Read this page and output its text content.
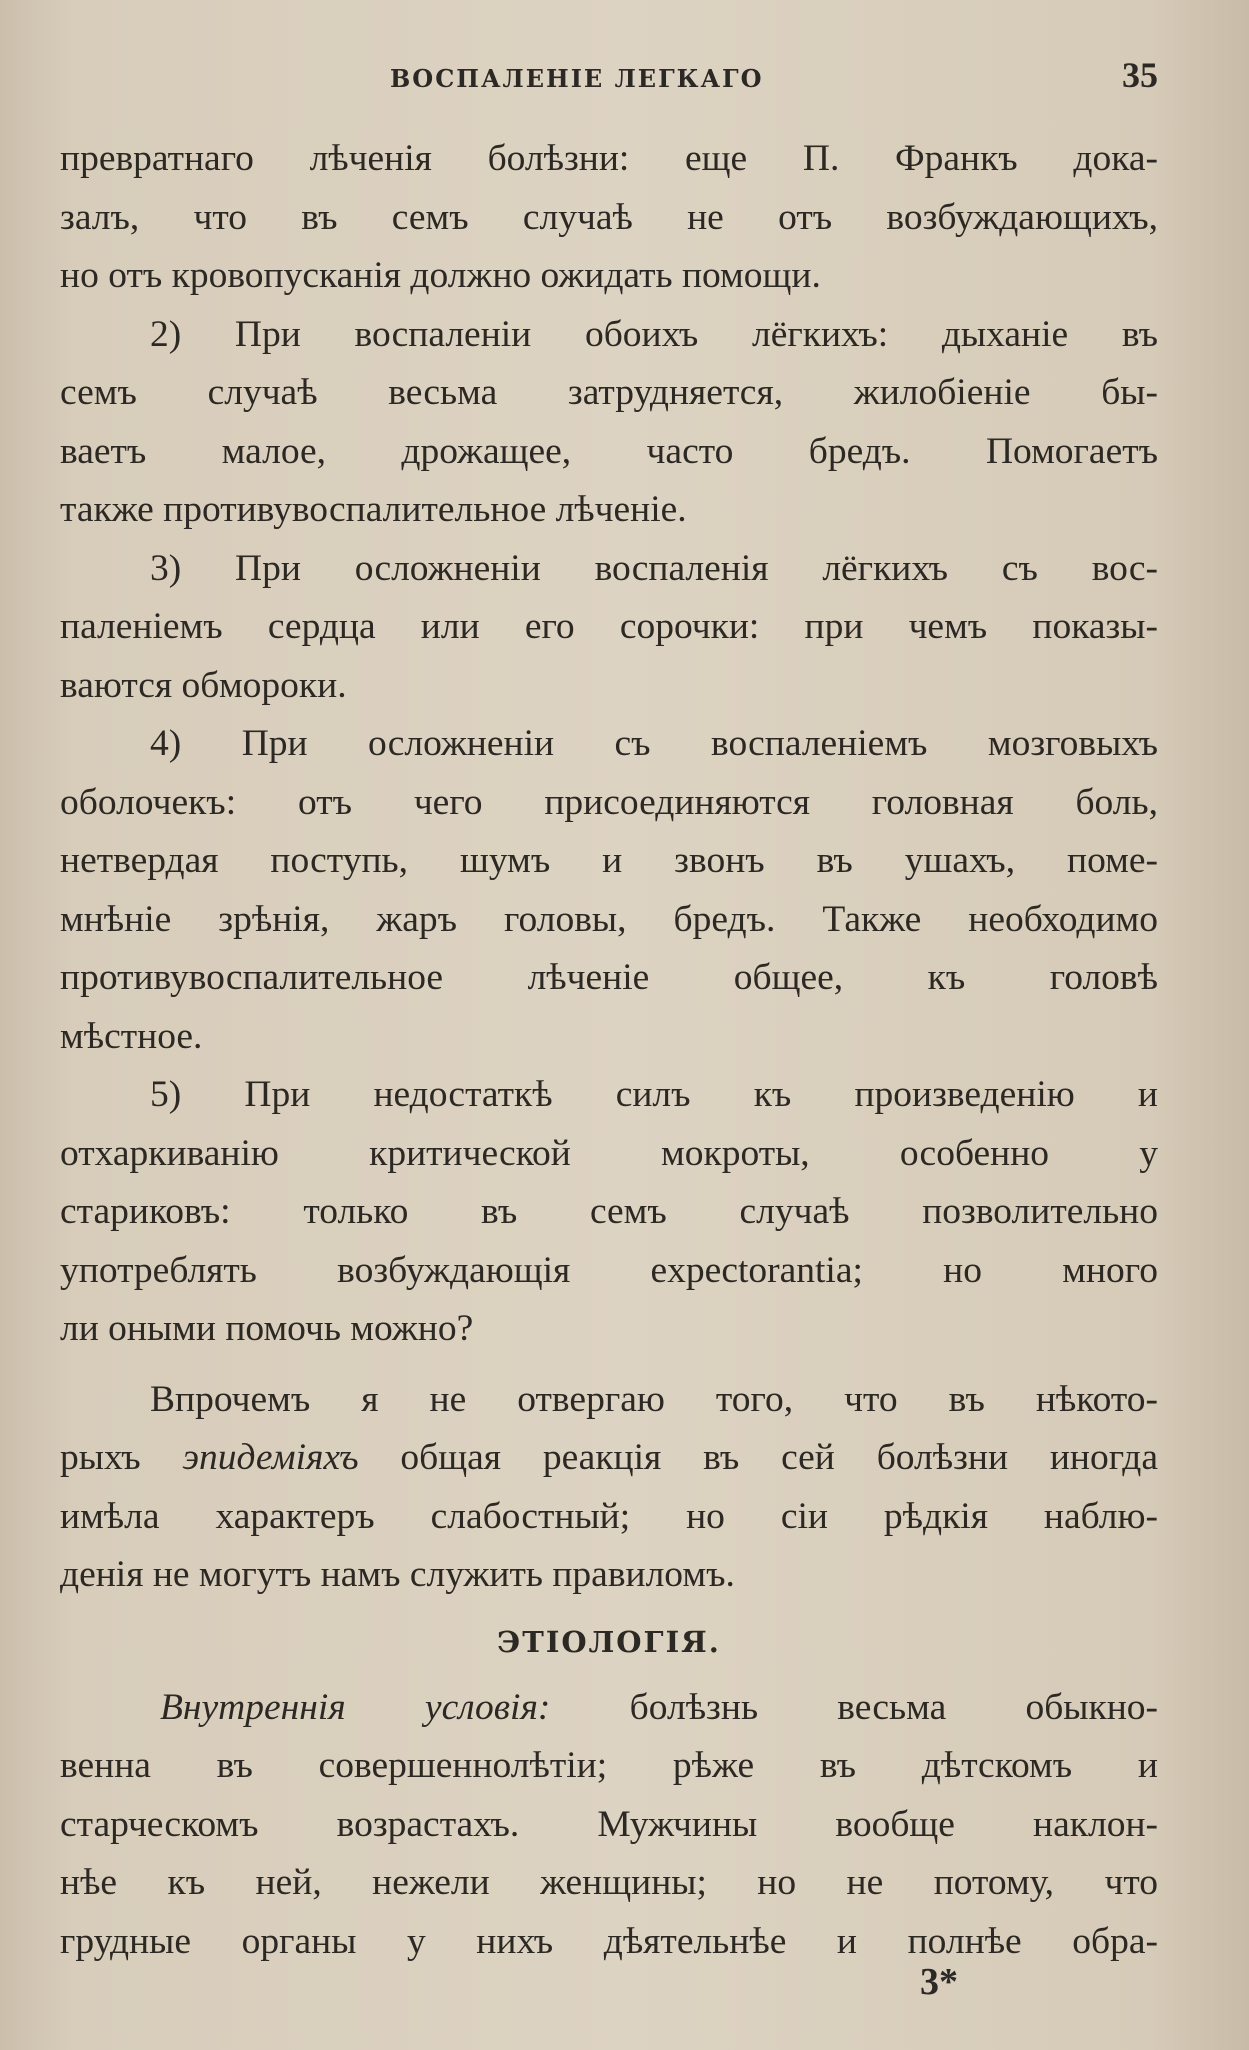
ВОСПАЛЕНІЕ ЛЕГКАГО	35
превратнаго лѣченія болѣзни: еще П. Франкъ дока-
залъ, что въ семъ случаѣ не отъ возбуждающихъ,
но отъ кровопусканія должно ожидать помощи.
2) При воспаленіи обоихъ лёгкихъ: дыханіе въ
семъ случаѣ весьма затрудняется, жилобіеніе бы-
ваетъ малое, дрожащее, часто бредъ. Помогаетъ
также противувоспалительное лѣченіе.
3) При осложненіи воспаленія лёгкихъ съ вос-
паленіемъ сердца или его сорочки: при чемъ показы-
ваются обмороки.
4) При осложненіи съ воспаленіемъ мозговыхъ
оболочекъ: отъ чего присоединяются головная боль,
нетвердая поступь, шумъ и звонъ въ ушахъ, помe-
мнѣніе зрѣнія, жаръ головы, бредъ. Также необходимо
противувоспалительное лѣченіе общее, къ головѣ
мѣстное.
5) При недостаткѣ силъ къ произведенію и
отхаркиванію критической мокроты, особенно у
стариковъ: только въ семъ случаѣ позволительно
употреблять возбуждающія expectorantia; но много
ли оными помочь можно?
Впрочемъ я не отвергаю того, что въ нѣкото-
рыхъ эпидеміяхъ общая реакція въ сей болѣзни иногда
имѣла характеръ слабостный; но сіи рѣдкія наблю-
денія не могутъ намъ служить правиломъ.
ЭТІОЛОГІЯ.
Внутреннія условія: болѣзнь весьма обыкно-
венна въ совершеннолѣтіи; рѣже въ дѣтскомъ и
старческомъ возрастахъ. Мужчины вообще наклон-
нѣе къ ней, нежели женщины; но не потому, что
грудные органы у нихъ дѣятельнѣе и полнѣе обра-
3*
